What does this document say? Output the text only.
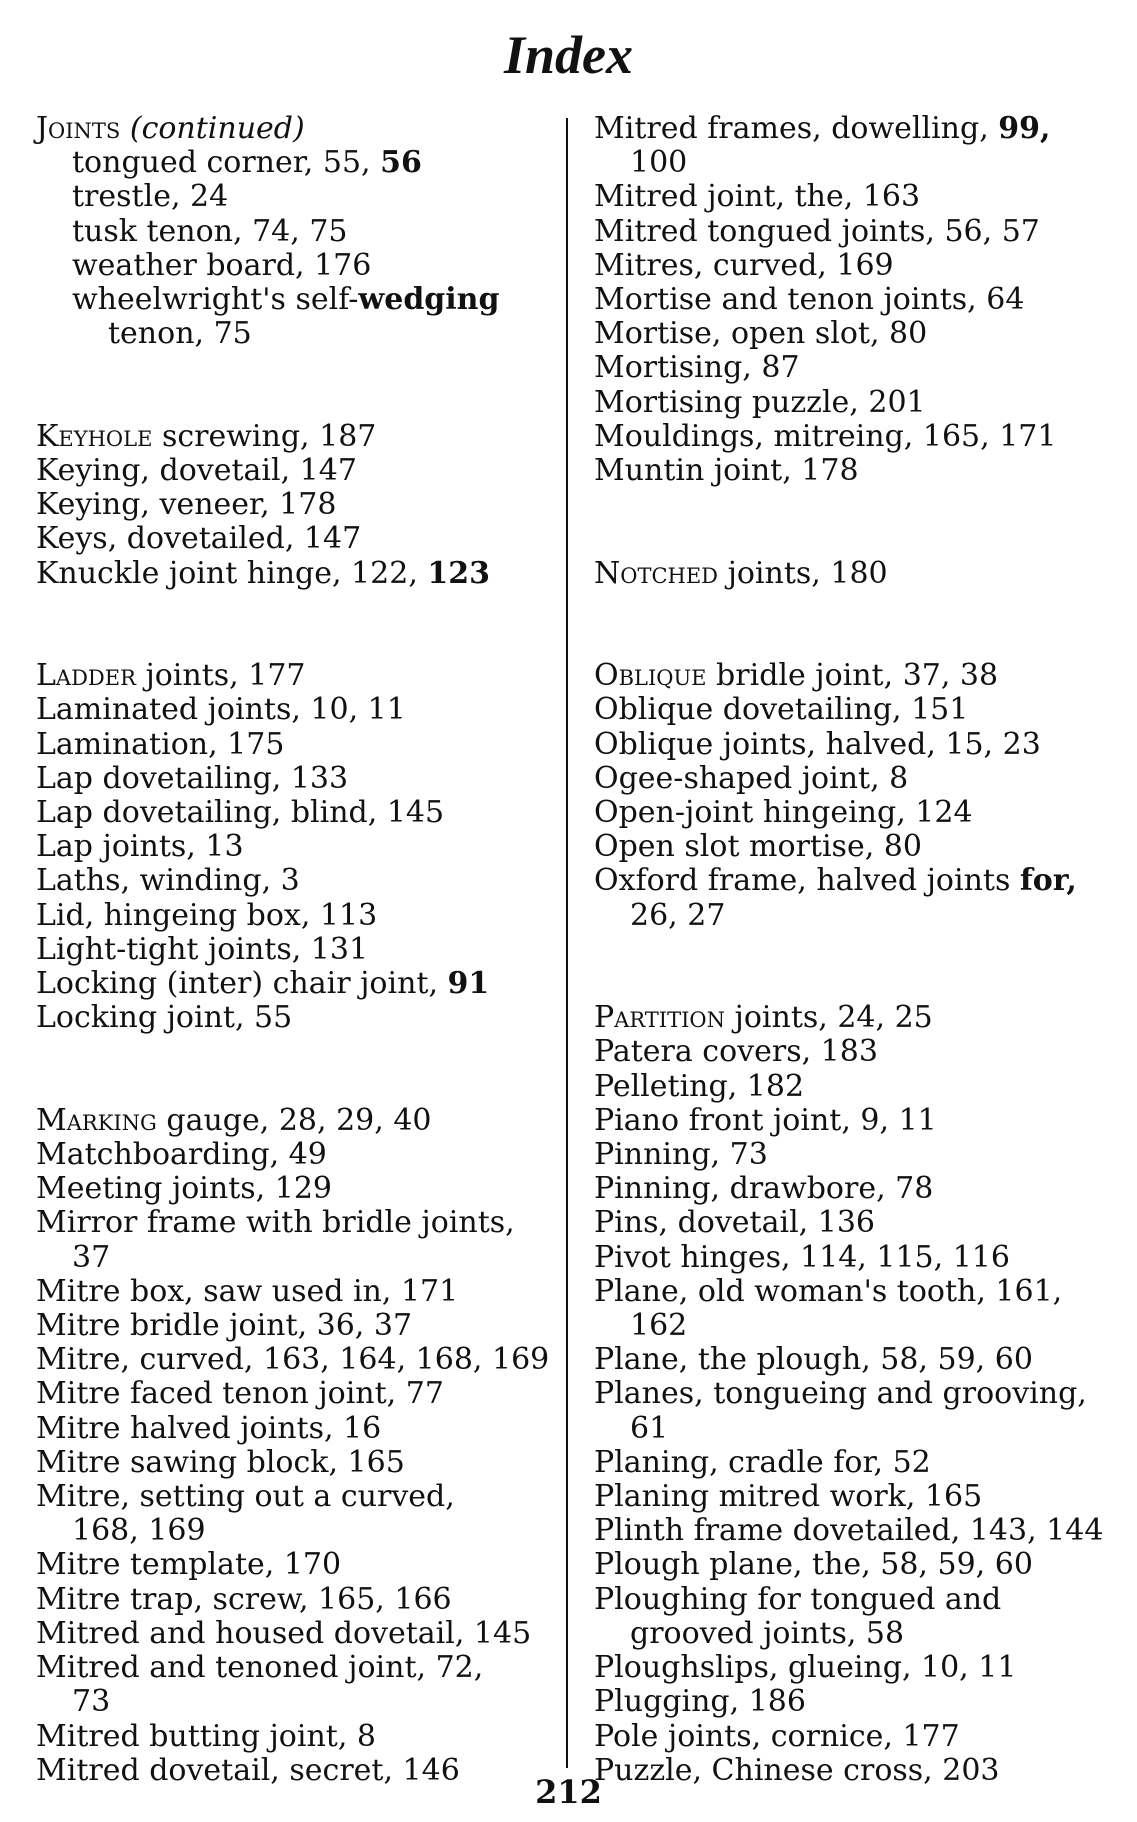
Index
Joints (continued)
tongued corner, 55, 56
trestle, 24
tusk tenon, 74, 75
weather board, 176
wheelwright's self-wedging
tenon, 75
Keyhole screwing, 187
Keying, dovetail, 147
Keying, veneer, 178
Keys, dovetailed, 147
Knuckle joint hinge, 122, 123
Ladder joints, 177
Laminated joints, 10, 11
Lamination, 175
Lap dovetailing, 133
Lap dovetailing, blind, 145
Lap joints, 13
Laths, winding, 3
Lid, hingeing box, 113
Light-tight joints, 131
Locking (inter) chair joint, 91
Locking joint, 55
Marking gauge, 28, 29, 40
Matchboarding, 49
Meeting joints, 129
Mirror frame with bridle joints,
37
Mitre box, saw used in, 171
Mitre bridle joint, 36, 37
Mitre, curved, 163, 164, 168, 169
Mitre faced tenon joint, 77
Mitre halved joints, 16
Mitre sawing block, 165
Mitre, setting out a curved,
168, 169
Mitre template, 170
Mitre trap, screw, 165, 166
Mitred and housed dovetail, 145
Mitred and tenoned joint, 72,
73
Mitred butting joint, 8
Mitred dovetail, secret, 146
Mitred frames, dowelling, 99,
100
Mitred joint, the, 163
Mitred tongued joints, 56, 57
Mitres, curved, 169
Mortise and tenon joints, 64
Mortise, open slot, 80
Mortising, 87
Mortising puzzle, 201
Mouldings, mitreing, 165, 171
Muntin joint, 178
Notched joints, 180
Oblique bridle joint, 37, 38
Oblique dovetailing, 151
Oblique joints, halved, 15, 23
Ogee-shaped joint, 8
Open-joint hingeing, 124
Open slot mortise, 80
Oxford frame, halved joints for,
26, 27
Partition joints, 24, 25
Patera covers, 183
Pelleting, 182
Piano front joint, 9, 11
Pinning, 73
Pinning, drawbore, 78
Pins, dovetail, 136
Pivot hinges, 114, 115, 116
Plane, old woman's tooth, 161,
162
Plane, the plough, 58, 59, 60
Planes, tongueing and grooving,
61
Planing, cradle for, 52
Planing mitred work, 165
Plinth frame dovetailed, 143, 144
Plough plane, the, 58, 59, 60
Ploughing for tongued and
grooved joints, 58
Ploughslips, glueing, 10, 11
Plugging, 186
Pole joints, cornice, 177
Puzzle, Chinese cross, 203
212
